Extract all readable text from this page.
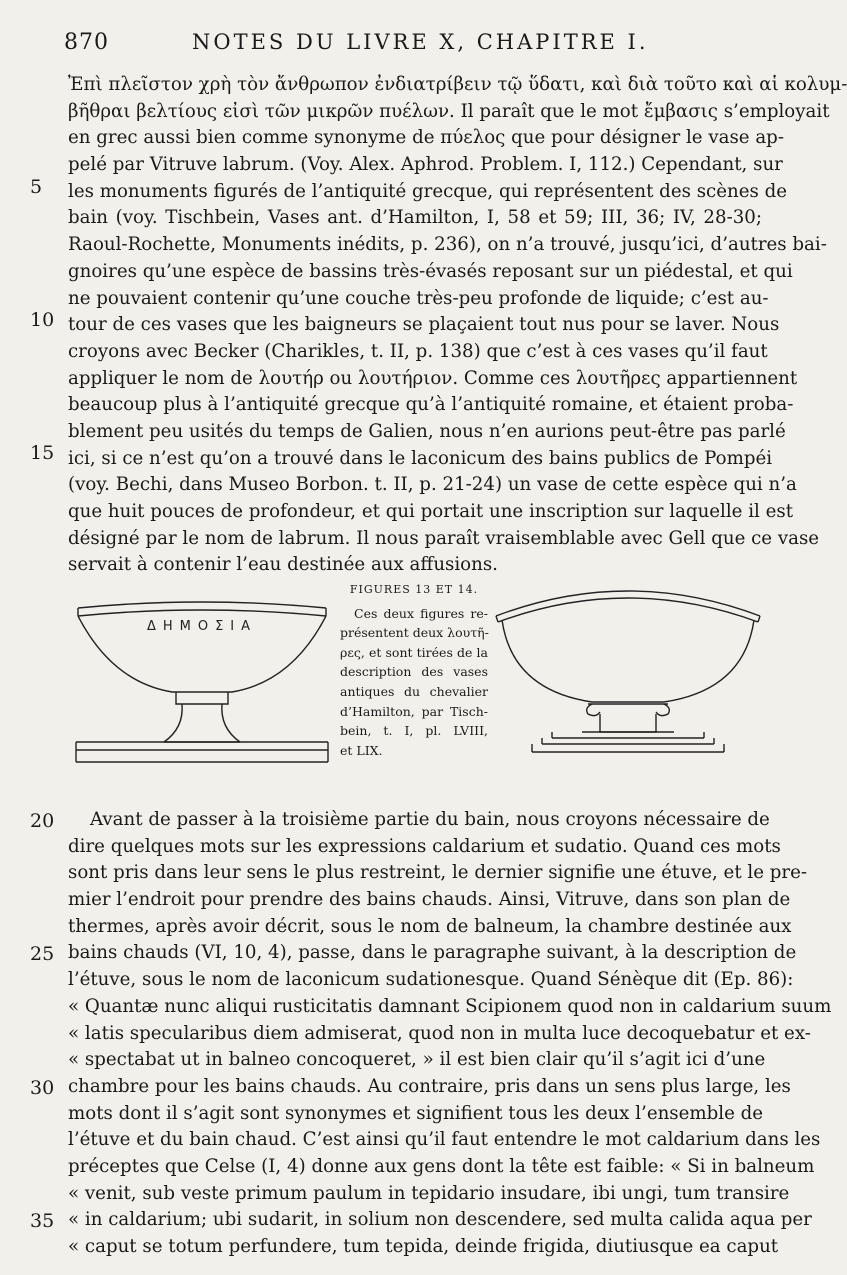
870	NOTES DU LIVRE X, CHAPITRE I.
5
10
15
20
25
30
35
Ἐπὶ πλεῖστον χρὴ τὸν ἄνθρωπον ἐνδιατρίβειν τῷ ὕδατι, καὶ διὰ τοῦτο καὶ αἱ κολυμ-
βῆθραι βελτίους εἰσὶ τῶν μικρῶν πυέλων. Il paraît que le mot ἔμβασις s’employait
en grec aussi bien comme synonyme de πύελος que pour désigner le vase ap-
pelé par Vitruve labrum. (Voy. Alex. Aphrod. Problem. I, 112.) Cependant, sur
les monuments figurés de l’antiquité grecque, qui représentent des scènes de
bain (voy. Tischbein, Vases ant. d’Hamilton, I, 58 et 59; III, 36; IV, 28-30;
Raoul-Rochette, Monuments inédits, p. 236), on n’a trouvé, jusqu’ici, d’autres bai-
gnoires qu’une espèce de bassins très-évasés reposant sur un piédestal, et qui
ne pouvaient contenir qu’une couche très-peu profonde de liquide; c’est au-
tour de ces vases que les baigneurs se plaçaient tout nus pour se laver. Nous
croyons avec Becker (Charikles, t. II, p. 138) que c’est à ces vases qu’il faut
appliquer le nom de λουτήρ ou λουτήριον. Comme ces λουτῆρες appartiennent
beaucoup plus à l’antiquité grecque qu’à l’antiquité romaine, et étaient proba-
blement peu usités du temps de Galien, nous n’en aurions peut-être pas parlé
ici, si ce n’est qu’on a trouvé dans le laconicum des bains publics de Pompéi
(voy. Bechi, dans Museo Borbon. t. II, p. 21-24) un vase de cette espèce qui n’a
que huit pouces de profondeur, et qui portait une inscription sur laquelle il est
désigné par le nom de labrum. Il nous paraît vraisemblable avec Gell que ce vase
servait à contenir l’eau destinée aux affusions.
ΔΗΜΟΣΙΑ
FIGURES 13 ET 14.
Ces deux figures re-
présentent deux λουτῆ-
ρες, et sont tirées de la
description des vases
antiques du chevalier
d’Hamilton, par Tisch-
bein, t. I, pl. LVIII,
et LIX.
Avant de passer à la troisième partie du bain, nous croyons nécessaire de
dire quelques mots sur les expressions caldarium et sudatio. Quand ces mots
sont pris dans leur sens le plus restreint, le dernier signifie une étuve, et le pre-
mier l’endroit pour prendre des bains chauds. Ainsi, Vitruve, dans son plan de
thermes, après avoir décrit, sous le nom de balneum, la chambre destinée aux
bains chauds (VI, 10, 4), passe, dans le paragraphe suivant, à la description de
l’étuve, sous le nom de laconicum sudationesque. Quand Sénèque dit (Ep. 86):
« Quantæ nunc aliqui rusticitatis damnant Scipionem quod non in caldarium suum
« latis specularibus diem admiserat, quod non in multa luce decoquebatur et ex-
« spectabat ut in balneo concoqueret, » il est bien clair qu’il s’agit ici d’une
chambre pour les bains chauds. Au contraire, pris dans un sens plus large, les
mots dont il s’agit sont synonymes et signifient tous les deux l’ensemble de
l’étuve et du bain chaud. C’est ainsi qu’il faut entendre le mot caldarium dans les
préceptes que Celse (I, 4) donne aux gens dont la tête est faible: « Si in balneum
« venit, sub veste primum paulum in tepidario insudare, ibi ungi, tum transire
« in caldarium; ubi sudarit, in solium non descendere, sed multa calida aqua per
« caput se totum perfundere, tum tepida, deinde frigida, diutiusque ea caput
